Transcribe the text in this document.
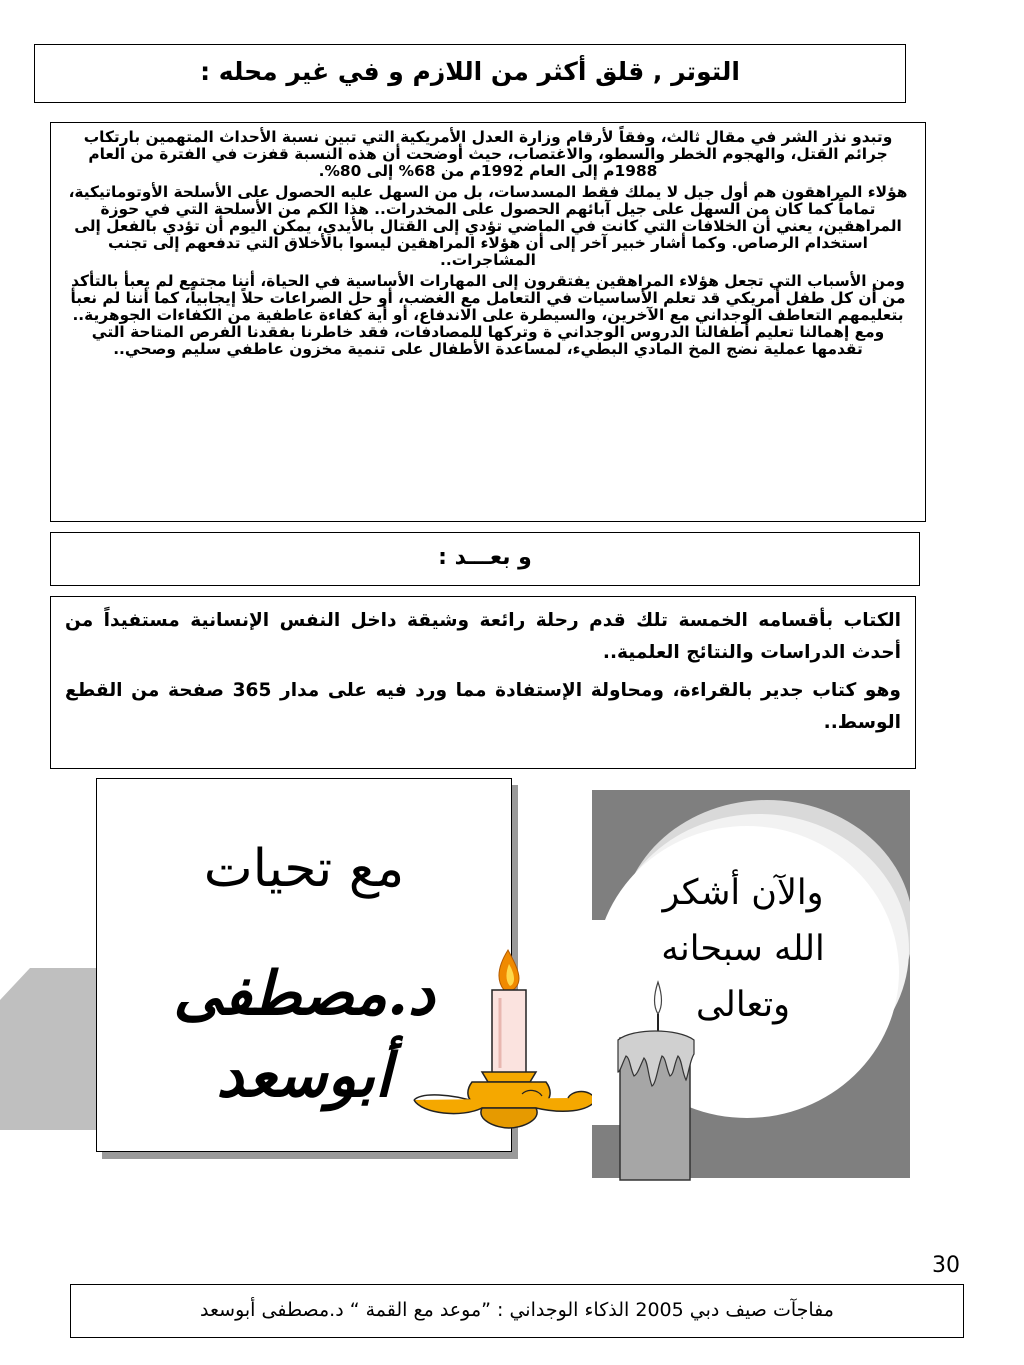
التوتر , قلق أكثر من اللازم و في غير محله :

وتبدو نذر الشر في مقال ثالث، وفقاً لأرقام وزارة العدل الأمريكية التي تبين نسبة الأحداث المتهمين بارتكاب جرائم القتل، والهجوم الخطر والسطو، والاغتصاب، حيث أوضحت أن هذه النسبة قفزت في الفترة من العام 1988م إلى العام 1992م من 68% إلى 80%.

هؤلاء المراهقون هم أول جيل لا يملك فقط المسدسات، بل من السهل عليه الحصول على الأسلحة الأوتوماتيكية، تماماً كما كان من السهل على جيل آبائهم الحصول على المخدرات.. هذا الكم من الأسلحة التي في حوزة المراهقين، يعني أن الخلافات التي كانت في الماضي تؤدي إلى القتال بالأيدي، يمكن اليوم أن تؤدي بالفعل إلى استخدام الرصاص. وكما أشار خبير آخر إلى أن هؤلاء المراهقين ليسوا بالأخلاق التي تدفعهم إلى تجنب المشاجرات..

ومن الأسباب التي تجعل هؤلاء المراهقين يفتقرون إلى المهارات الأساسية في الحياة، أننا مجتمع لم يعبأ بالتأكد من أن كل طفل أمريكي قد تعلم الأساسيات في التعامل مع الغضب، أو حل الصراعات حلاً إيجابياً، كما أننا لم نعبأ بتعليمهم التعاطف الوجداني مع الآخرين، والسيطرة على الاندفاع، أو أية كفاءة عاطفية من الكفاءات الجوهرية.. ومع إهمالنا تعليم أطفالنا الدروس الوجداني ة وتركها للمصادفات، فقد خاطرنا بفقدنا الفرص المتاحة التي تقدمها عملية نضج المخ المادي البطيء، لمساعدة الأطفال على تنمية مخزون عاطفي سليم وصحي..

و بعـــد :

الكتاب بأقسامه الخمسة تلك قدم رحلة رائعة وشيقة داخل النفس الإنسانية مستفيداً من أحدث الدراسات والنتائج العلمية..

وهو كتاب جدير بالقراءة، ومحاولة الإستفادة مما ورد فيه على مدار 365 صفحة من القطع الوسط..

مع تحيات
د.مصطفى
أبوسعد
والآن أشكر
الله سبحانه
وتعالى
30
مفاجآت صيف دبي 2005 الذكاء الوجداني : ”موعد مع القمة “ د.مصطفى أبوسعد
